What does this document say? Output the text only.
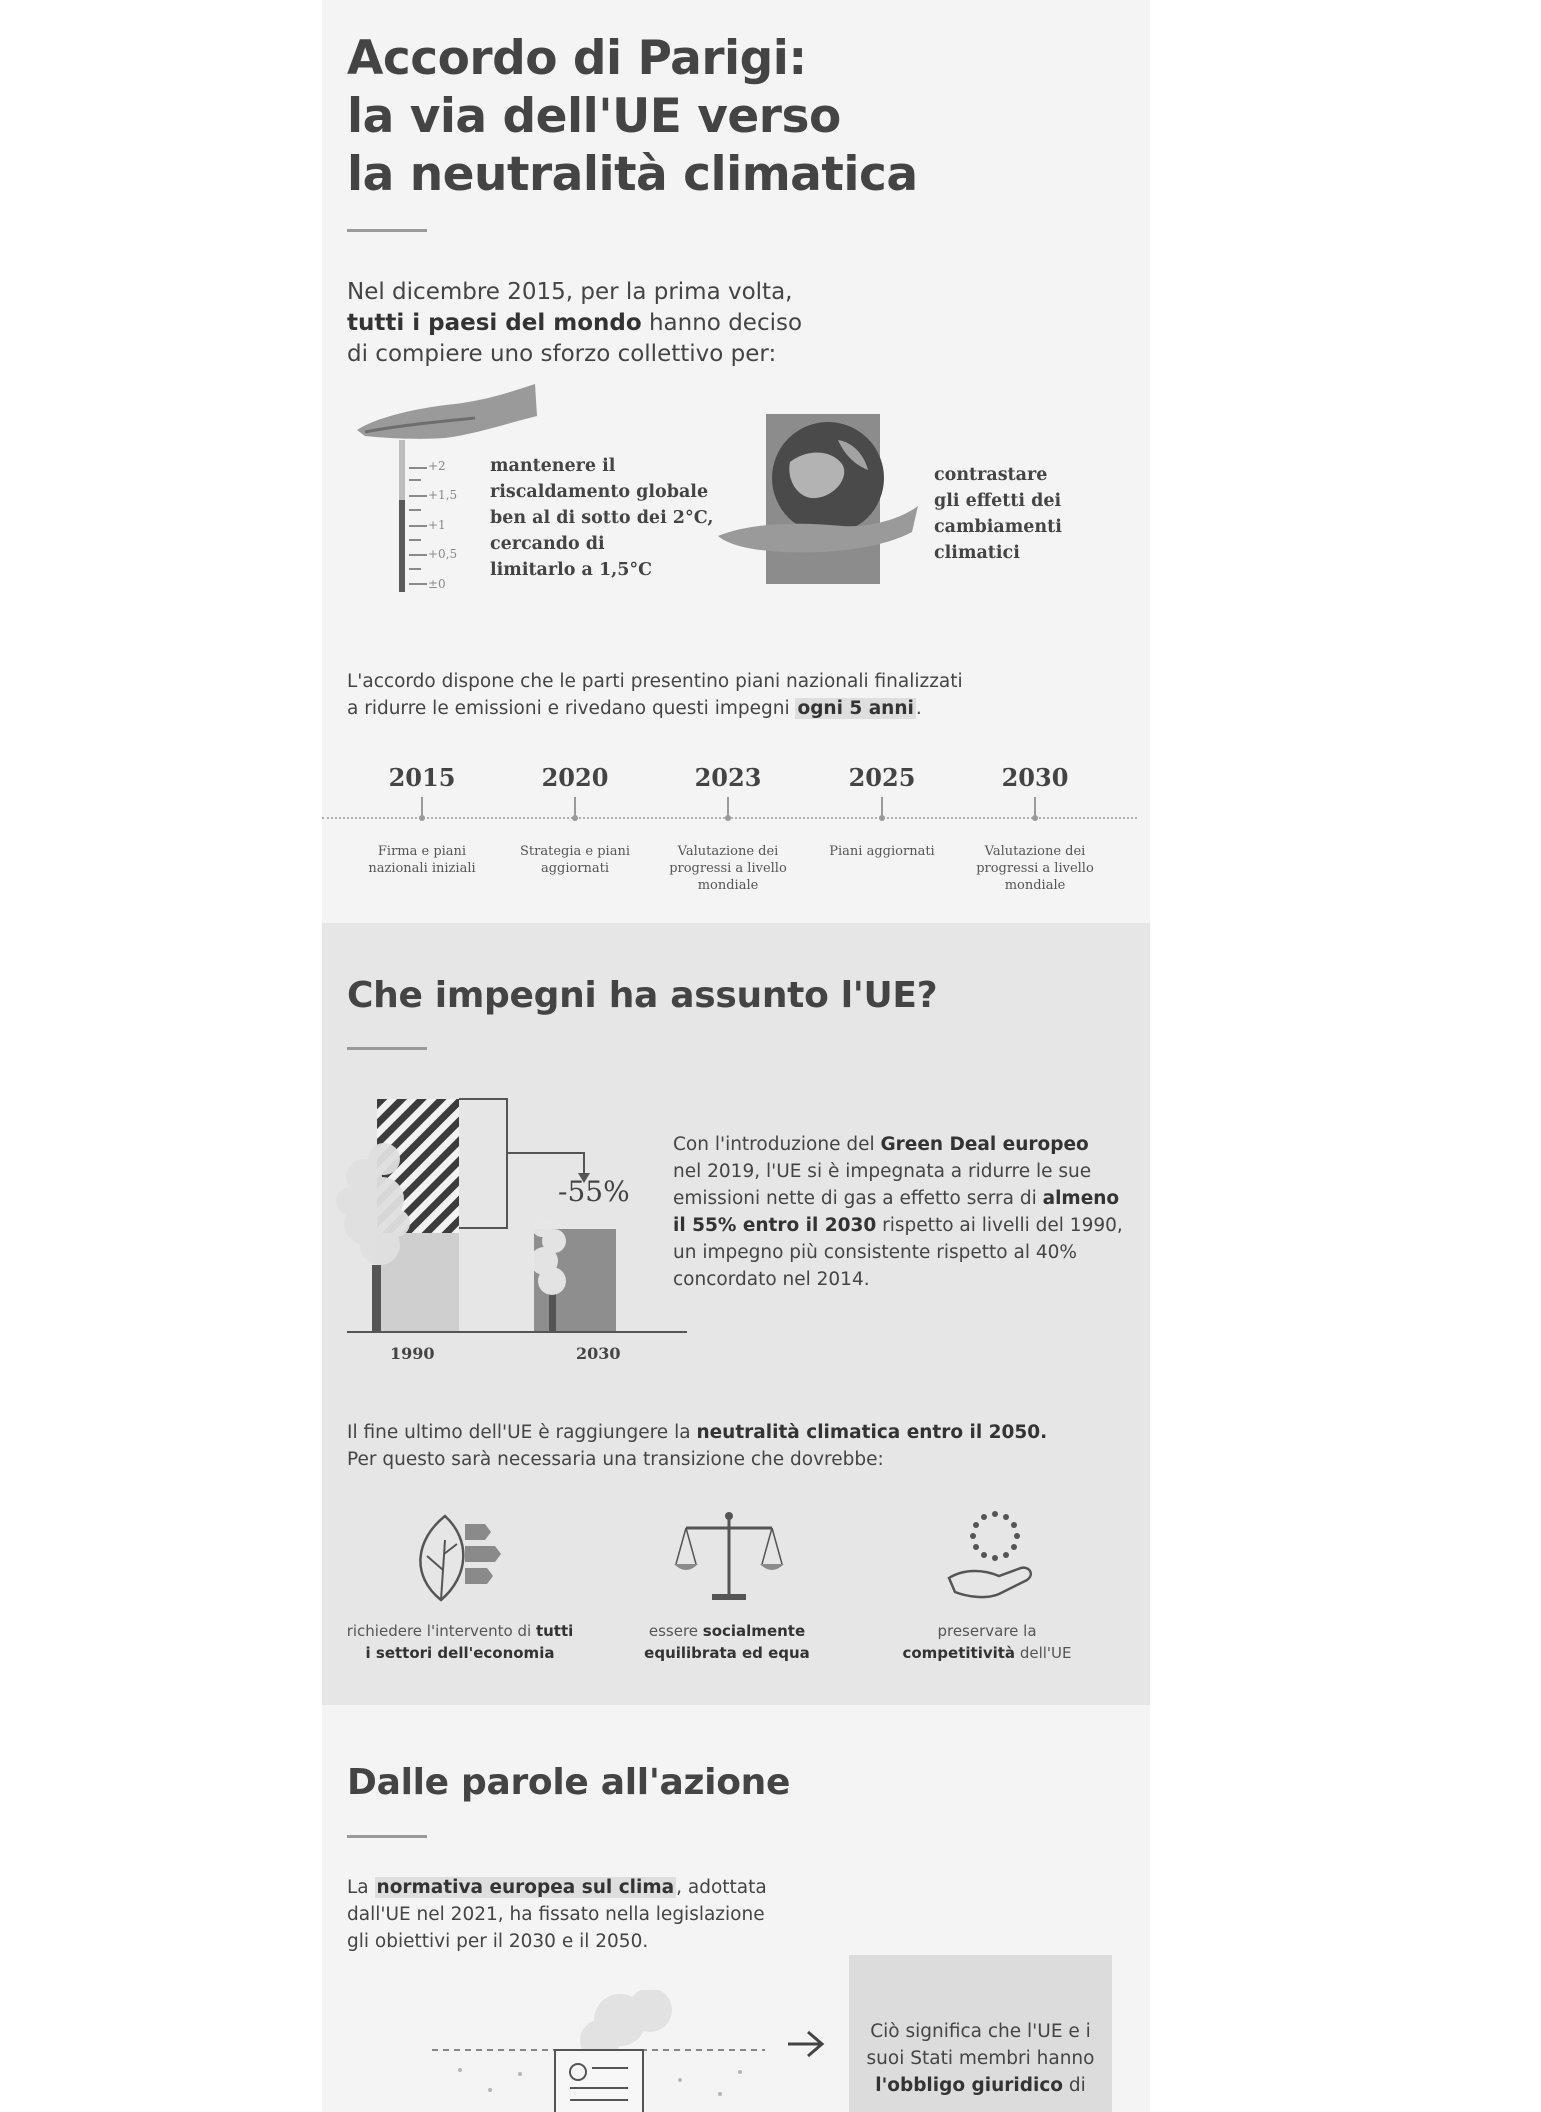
Accordo di Parigi:
la via dell'UE verso
la neutralità climatica
Nel dicembre 2015, per la prima volta,
tutti i paesi del mondo hanno deciso
di compiere uno sforzo collettivo per:
+2
+1,5
+1
+0,5
±0
mantenere il
riscaldamento globale
ben al di sotto dei 2°C,
cercando di
limitarlo a 1,5°C
contrastare
gli effetti dei
cambiamenti
climatici
L'accordo dispone che le parti presentino piani nazionali finalizzati
a ridurre le emissioni e rivedano questi impegni ogni 5 anni .
2015
Firma e piani nazionali iniziali
2020
Strategia e piani aggiornati
2023
Valutazione dei progressi a livello mondiale
2025
Piani aggiornati
2030
Valutazione dei progressi a livello mondiale
Che impegni ha assunto l'UE?
-55%
1990	2030
Con l'introduzione del Green Deal europeo
nel 2019, l'UE si è impegnata a ridurre le sue
emissioni nette di gas a effetto serra di almeno
il 55% entro il 2030 rispetto ai livelli del 1990,
un impegno più consistente rispetto al 40%
concordato nel 2014.
Il fine ultimo dell'UE è raggiungere la neutralità climatica entro il 2050.
Per questo sarà necessaria una transizione che dovrebbe:
richiedere l'intervento di tutti
i settori dell'economia
essere socialmente
equilibrata ed equa
preservare la
competitività dell'UE
Dalle parole all'azione
La normativa europea sul clima , adottata
dall'UE nel 2021, ha fissato nella legislazione
gli obiettivi per il 2030 e il 2050.
Ciò significa che l'UE e i
suoi Stati membri hanno
l'obbligo giuridico di
